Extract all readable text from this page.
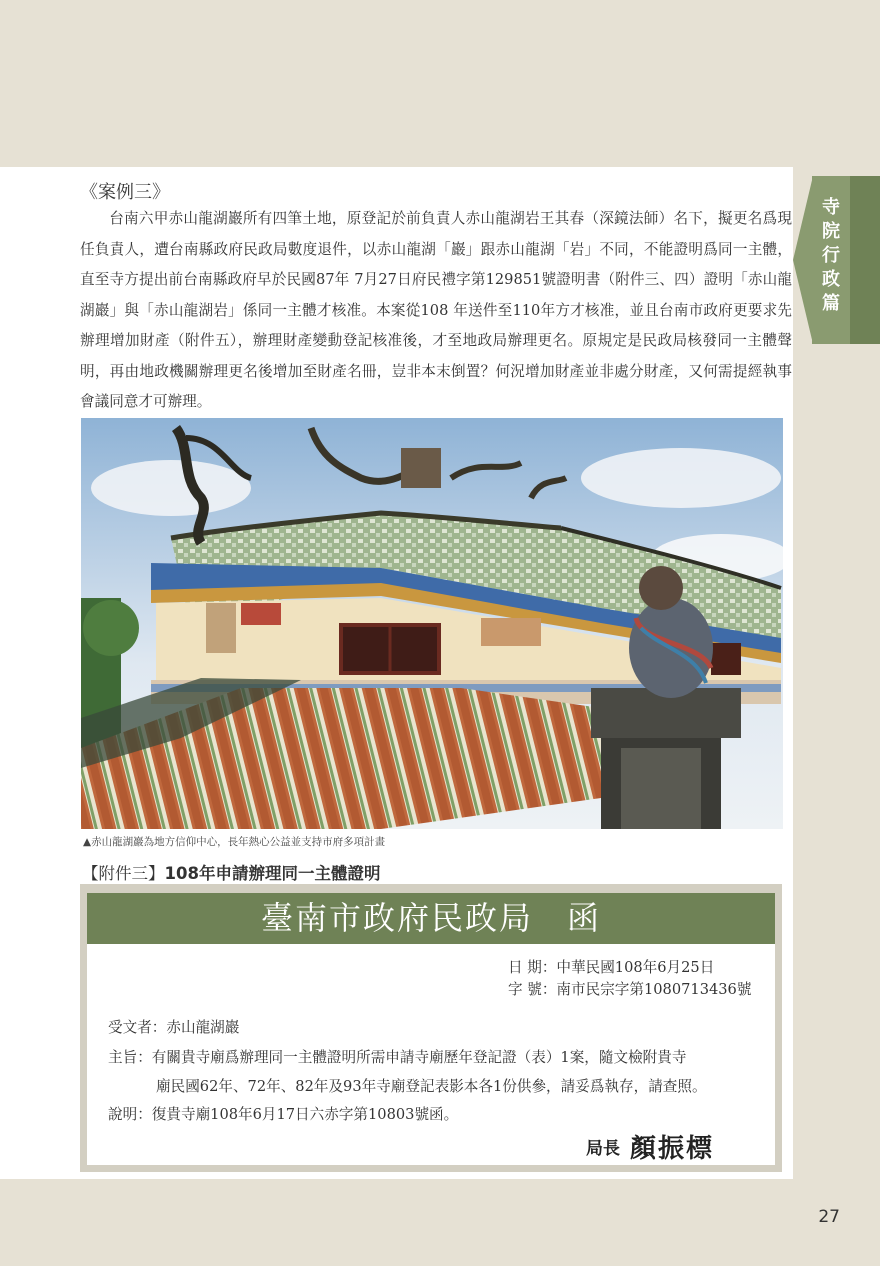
寺
院
行
政
篇
《案例三》
台南六甲赤山龍湖巖所有四筆土地，原登記於前負責人赤山龍湖岩王其春（深鏡法師）名下，擬更名爲現任負責人，遭台南縣政府民政局數度退件，以赤山龍湖「巖」跟赤山龍湖「岩」不同，不能證明爲同一主體，直至寺方提出前台南縣政府早於民國87年 7月27日府民禮字第129851號證明書（附件三、四）證明「赤山龍湖巖」與「赤山龍湖岩」係同一主體才核准。本案從108 年送件至110年方才核准，並且台南市政府更要求先辦理增加財產（附件五），辦理財產變動登記核准後，才至地政局辦理更名。原規定是民政局核發同一主體聲明，再由地政機關辦理更名後增加至財產名冊，豈非本末倒置？何況增加財產並非處分財產，又何需提經執事會議同意才可辦理。
▲赤山龍湖巖為地方信仰中心，長年熱心公益並支持市府多項計畫
【附件三】108年申請辦理同一主體證明
臺南市政府民政局　函
日 期：中華民國108年6月25日
字 號：南市民宗字第1080713436號
受文者：赤山龍湖巖
主旨：有關貴寺廟爲辦理同一主體證明所需申請寺廟歷年登記證（表）1案，隨文檢附貴寺
廟民國62年、72年、82年及93年寺廟登記表影本各1份供參，請妥爲執存，請查照。
說明：復貴寺廟108年6月17日六赤字第10803號函。
局長 顏振標
27
